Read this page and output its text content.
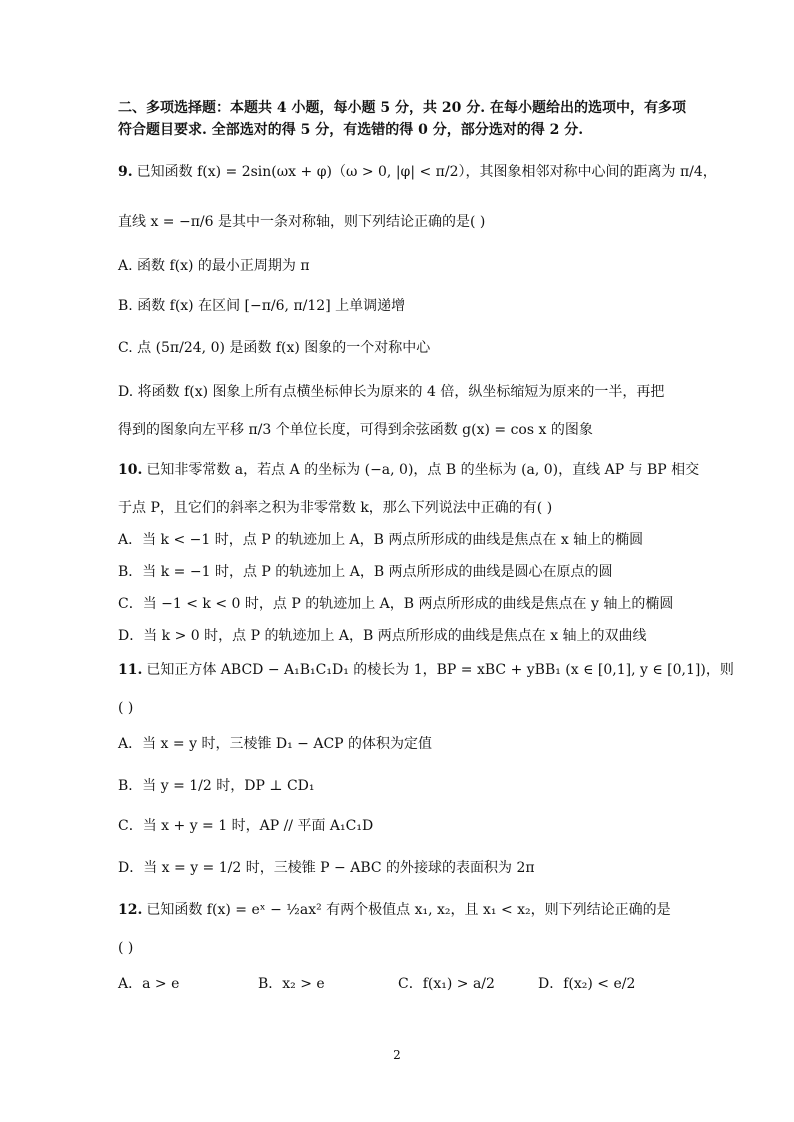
二、多项选择题：本题共 4 小题，每小题 5 分，共 20 分. 在每小题给出的选项中，有多项
符合题目要求. 全部选对的得 5 分，有选错的得 0 分，部分选对的得 2 分.
9. 已知函数 f(x) = 2sin(ωx + φ)（ω > 0, |φ| < π/2），其图象相邻对称中心间的距离为 π/4，
直线 x = −π/6 是其中一条对称轴，则下列结论正确的是( )
A. 函数 f(x) 的最小正周期为 π
B. 函数 f(x) 在区间 [−π/6, π/12] 上单调递增
C. 点 (5π/24, 0) 是函数 f(x) 图象的一个对称中心
D. 将函数 f(x) 图象上所有点横坐标伸长为原来的 4 倍，纵坐标缩短为原来的一半，再把
得到的图象向左平移 π/3 个单位长度，可得到余弦函数 g(x) = cos x 的图象
10. 已知非零常数 a，若点 A 的坐标为 (−a, 0)，点 B 的坐标为 (a, 0)，直线 AP 与 BP 相交
于点 P，且它们的斜率之积为非零常数 k，那么下列说法中正确的有( )
A．当 k < −1 时，点 P 的轨迹加上 A，B 两点所形成的曲线是焦点在 x 轴上的椭圆
B．当 k = −1 时，点 P 的轨迹加上 A，B 两点所形成的曲线是圆心在原点的圆
C．当 −1 < k < 0 时，点 P 的轨迹加上 A，B 两点所形成的曲线是焦点在 y 轴上的椭圆
D．当 k > 0 时，点 P 的轨迹加上 A，B 两点所形成的曲线是焦点在 x 轴上的双曲线
11. 已知正方体 ABCD − A₁B₁C₁D₁ 的棱长为 1，BP = xBC + yBB₁ (x ∈ [0,1], y ∈ [0,1])，则
( )
A．当 x = y 时，三棱锥 D₁ − ACP 的体积为定值
B．当 y = 1/2 时，DP ⊥ CD₁
C．当 x + y = 1 时，AP // 平面 A₁C₁D
D．当 x = y = 1/2 时，三棱锥 P − ABC 的外接球的表面积为 2π
12. 已知函数 f(x) = eˣ − ½ax² 有两个极值点 x₁, x₂，且 x₁ < x₂，则下列结论正确的是
( )
A．a > e	B．x₂ > e	C．f(x₁) > a/2	D．f(x₂) < e/2
2
